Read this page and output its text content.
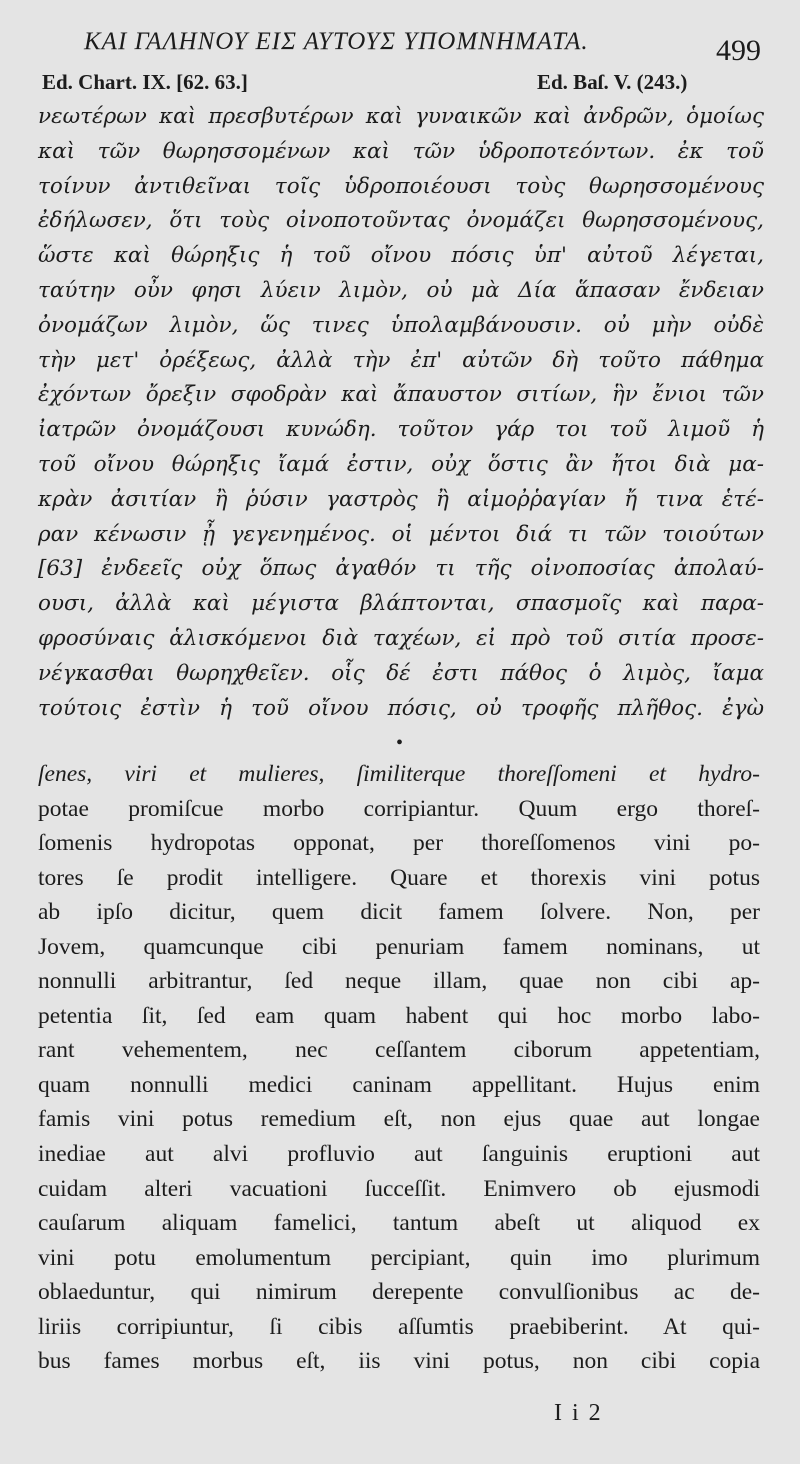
ΚΑΙ ΓΑΛΗΝΟΥ ΕΙΣ ΑΥΤΟΥΣ ΥΠΟΜΝΗΜΑΤΑ.	499
Ed. Chart. IX. [62. 63.]	Ed. Baſ. V. (243.)
νεωτέρων καὶ πρεσβυτέρων καὶ γυναικῶν καὶ ἀνδρῶν, ὁμοίως
καὶ τῶν θωρησσομένων καὶ τῶν ὑδροποτεόντων. ἐκ τοῦ
τοίνυν ἀντιθεῖναι τοῖς ὑδροποιέουσι τοὺς θωρησσομένους
ἐδήλωσεν, ὅτι τοὺς οἰνοποτοῦντας ὀνομάζει θωρησσομένους,
ὥστε καὶ θώρηξις ἡ τοῦ οἴνου πόσις ὑπ' αὐτοῦ λέγεται,
ταύτην οὖν φησι λύειν λιμὸν, οὐ μὰ Δία ἅπασαν ἔνδειαν
ὀνομάζων λιμὸν, ὥς τινες ὑπολαμβάνουσιν. οὐ μὴν οὐδὲ
τὴν μετ' ὀρέξεως, ἀλλὰ τὴν ἐπ' αὐτῶν δὴ τοῦτο πάθημα
ἐχόντων ὄρεξιν σφοδρὰν καὶ ἄπαυστον σιτίων, ἣν ἔνιοι τῶν
ἰατρῶν ὀνομάζουσι κυνώδη. τοῦτον γάρ τοι τοῦ λιμοῦ ἡ
τοῦ οἴνου θώρηξις ἴαμά ἐστιν, οὐχ ὅστις ἂν ἤτοι διὰ μα-
κρὰν ἀσιτίαν ἢ ῥύσιν γαστρὸς ἢ αἱμοῤῥαγίαν ἤ τινα ἑτέ-
ραν κένωσιν ᾖ γεγενημένος. οἱ μέντοι διά τι τῶν τοιούτων
[63] ἐνδεεῖς οὐχ ὅπως ἀγαθόν τι τῆς οἰνοποσίας ἀπολαύ-
ουσι, ἀλλὰ καὶ μέγιστα βλάπτονται, σπασμοῖς καὶ παρα-
φροσύναις ἁλισκόμενοι διὰ ταχέων, εἰ πρὸ τοῦ σιτία προσε-
νέγκασθαι θωρηχθεῖεν. οἷς δέ ἐστι πάθος ὁ λιμὸς, ἴαμα
τούτοις ἐστὶν ἡ τοῦ οἴνου πόσις, οὐ τροφῆς πλῆθος. ἐγὼ
•
ſenes, viri et mulieres, ſimiliterque thoreſſomeni et hydro-
potae promiſcue morbo corripiantur. Quum ergo thoreſ-
ſomenis hydropotas opponat, per thoreſſomenos vini po-
tores ſe prodit intelligere. Quare et thorexis vini potus
ab ipſo dicitur, quem dicit famem ſolvere. Non, per
Jovem, quamcunque cibi penuriam famem nominans, ut
nonnulli arbitrantur, ſed neque illam, quae non cibi ap-
petentia ſit, ſed eam quam habent qui hoc morbo labo-
rant vehementem, nec ceſſantem ciborum appetentiam,
quam nonnulli medici caninam appellitant. Hujus enim
famis vini potus remedium eſt, non ejus quae aut longae
inediae aut alvi profluvio aut ſanguinis eruptioni aut
cuidam alteri vacuationi ſucceſſit. Enimvero ob ejusmodi
cauſarum aliquam famelici, tantum abeſt ut aliquod ex
vini potu emolumentum percipiant, quin imo plurimum
oblaeduntur, qui nimirum derepente convulſionibus ac de-
liriis corripiuntur, ſi cibis aſſumtis praebiberint. At qui-
bus fames morbus eſt, iis vini potus, non cibi copia
I i 2
